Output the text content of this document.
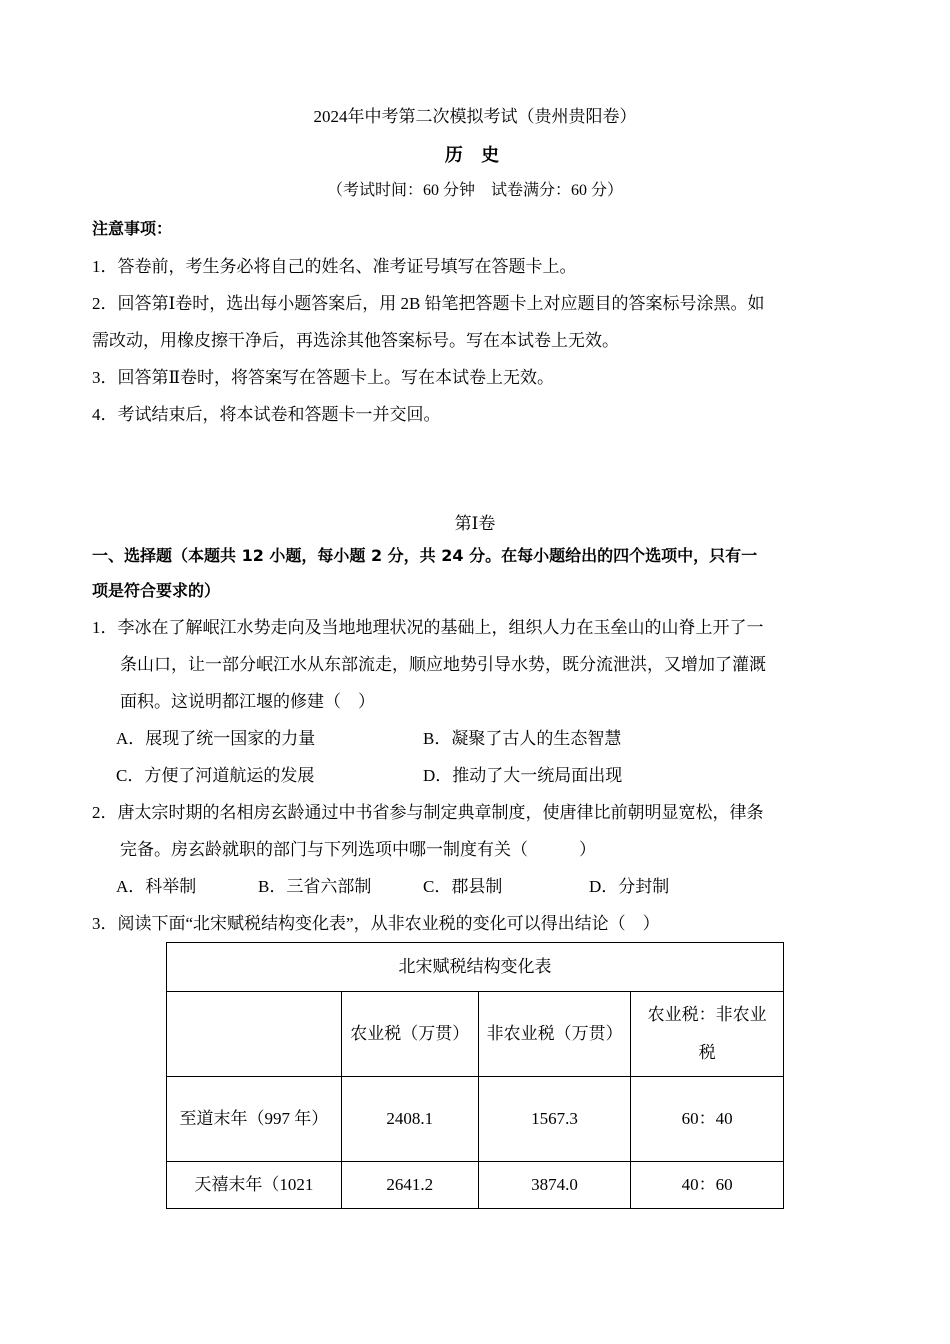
2024年中考第二次模拟考试（贵州贵阳卷）
历 史
（考试时间：60 分钟　试卷满分：60 分）
注意事项：
1．答卷前，考生务必将自己的姓名、准考证号填写在答题卡上。
2．回答第Ⅰ卷时，选出每小题答案后，用 2B 铅笔把答题卡上对应题目的答案标号涂黑。如
需改动，用橡皮擦干净后，再选涂其他答案标号。写在本试卷上无效。
3．回答第Ⅱ卷时，将答案写在答题卡上。写在本试卷上无效。
4．考试结束后，将本试卷和答题卡一并交回。
第Ⅰ卷
一、选择题（本题共 12 小题，每小题 2 分，共 24 分。在每小题给出的四个选项中，只有一
项是符合要求的）
1．李冰在了解岷江水势走向及当地地理状况的基础上，组织人力在玉垒山的山脊上开了一
条山口，让一部分岷江水从东部流走，顺应地势引导水势，既分流泄洪，又增加了灌溉
面积。这说明都江堰的修建（　）
A．展现了统一国家的力量	B．凝聚了古人的生态智慧
C．方便了河道航运的发展	D．推动了大一统局面出现
2．唐太宗时期的名相房玄龄通过中书省参与制定典章制度，使唐律比前朝明显宽松，律条
完备。房玄龄就职的部门与下列选项中哪一制度有关（　　　）
A．科举制	B．三省六部制	C．郡县制	D．分封制
3．阅读下面“北宋赋税结构变化表”，从非农业税的变化可以得出结论（　）
北宋赋税结构变化表			
	农业税（万贯）	非农业税（万贯）	农业税：非农业税
至道末年（997 年）	2408.1	1567.3	60：40
天禧末年（1021	2641.2	3874.0	40：60
